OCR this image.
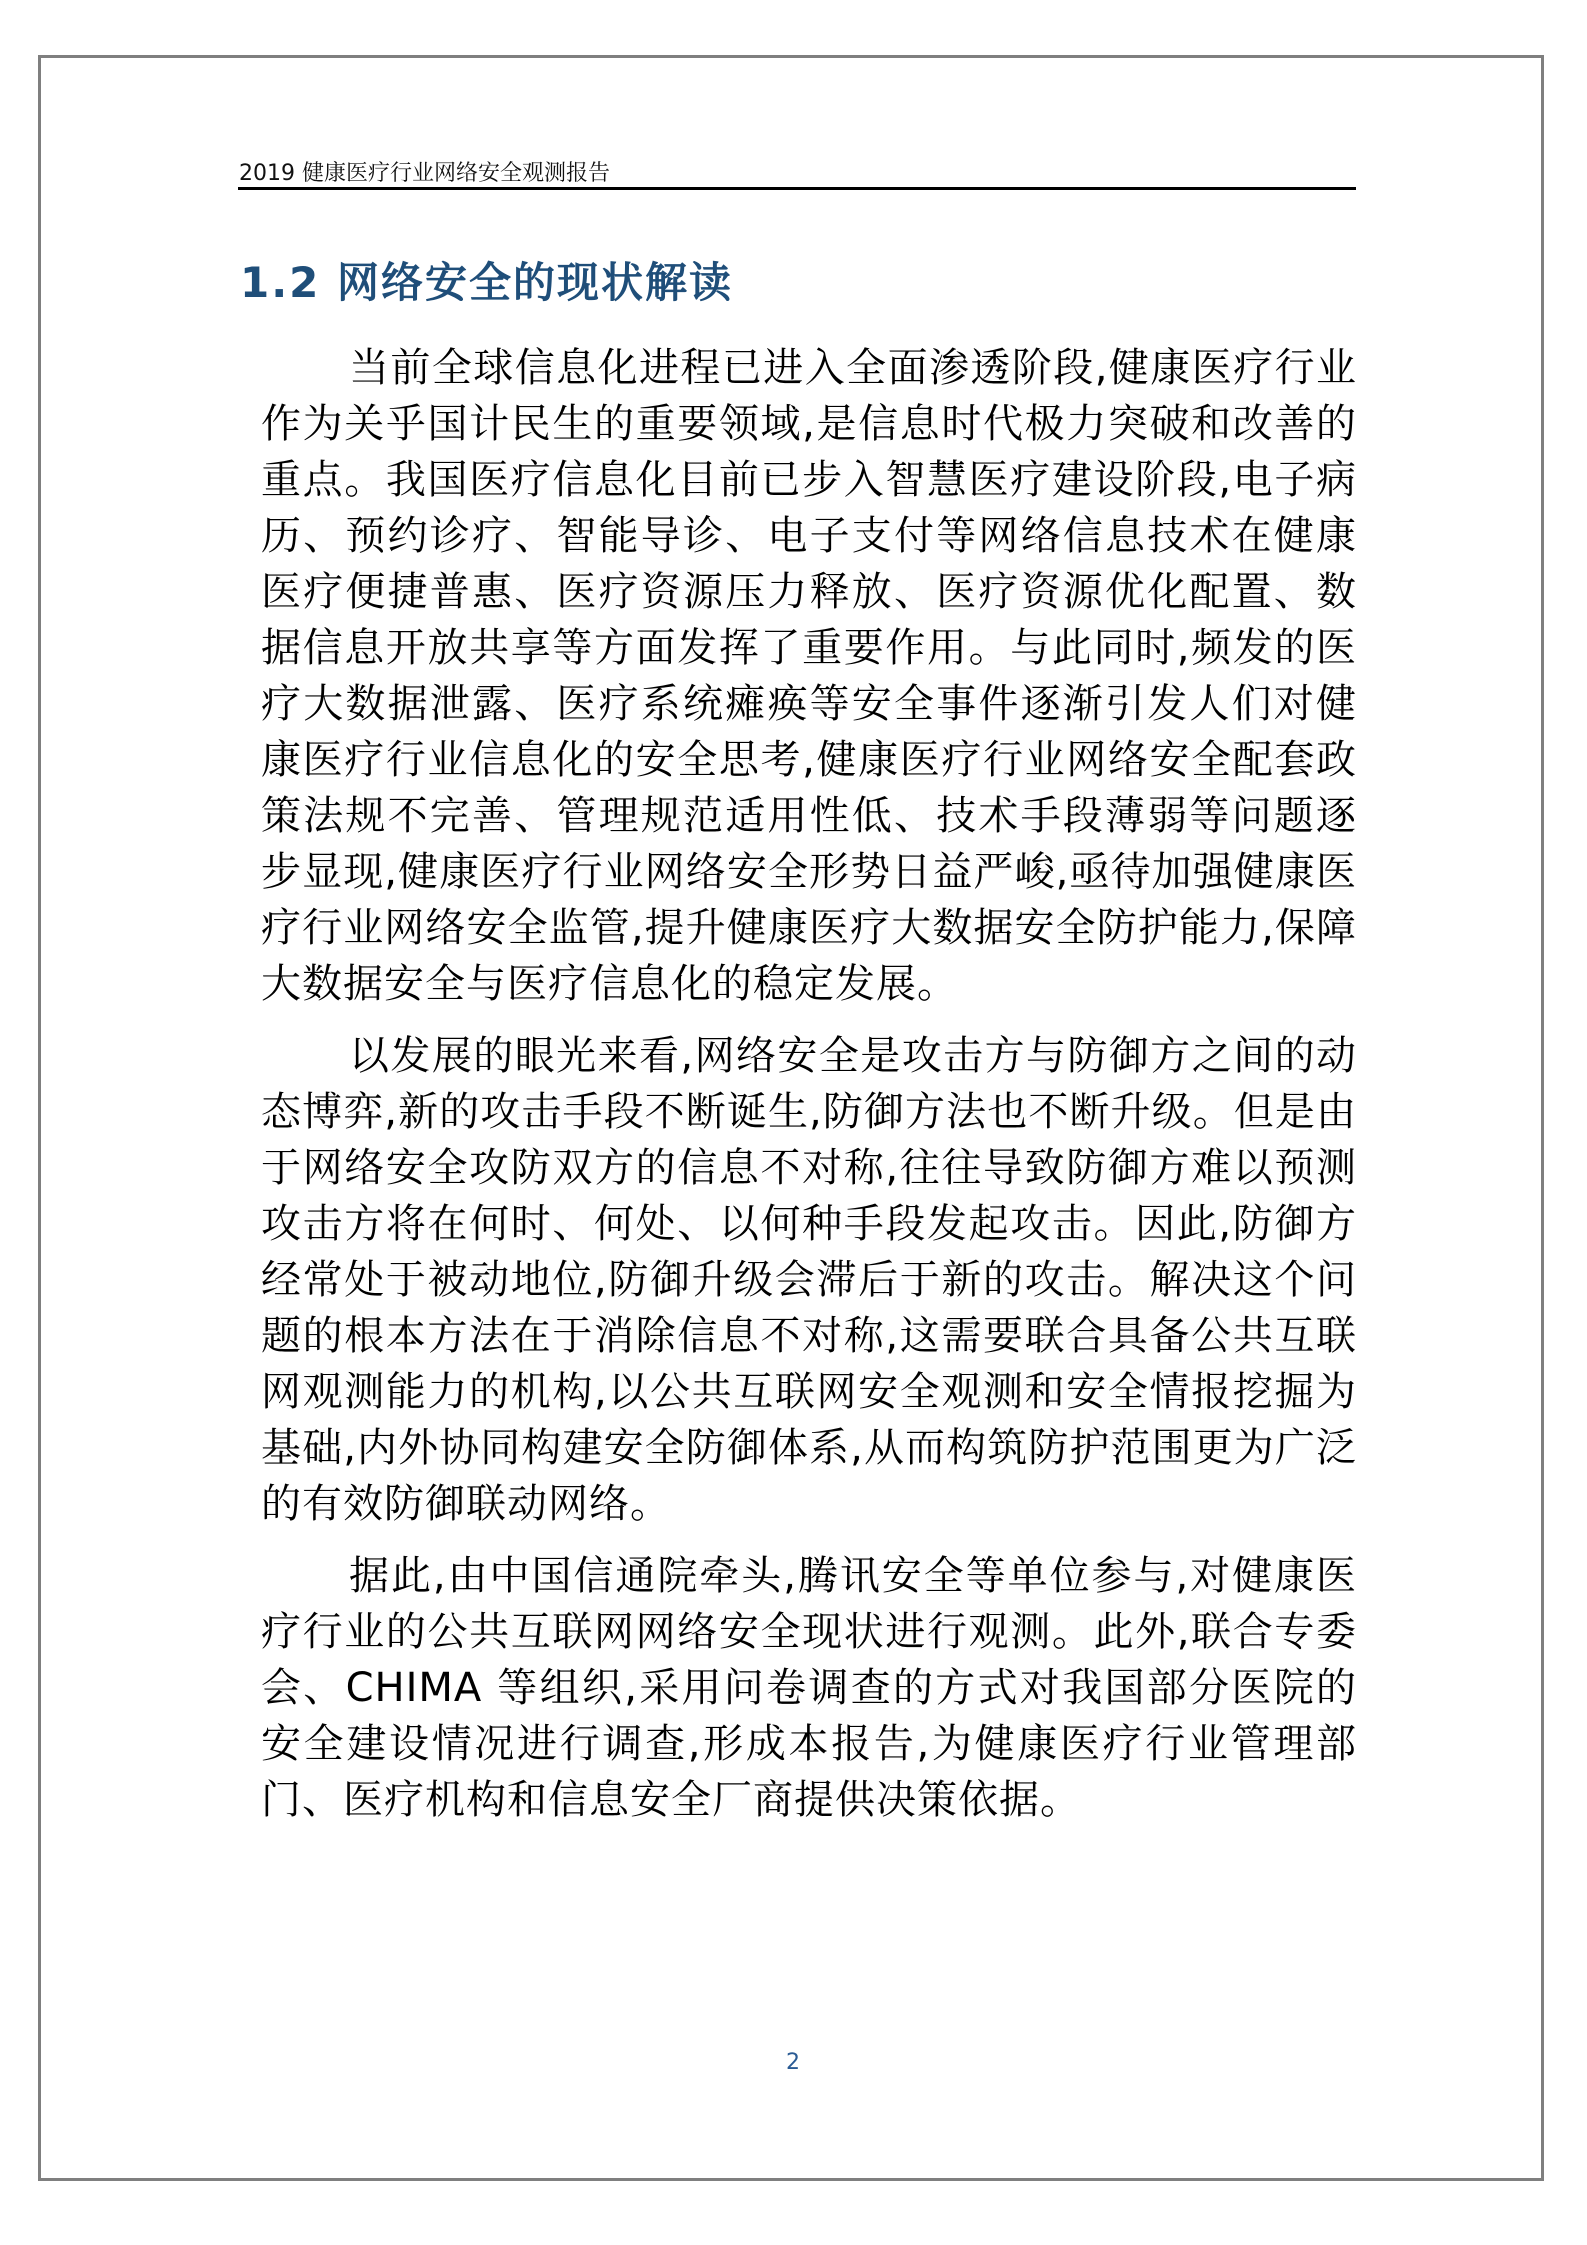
2019 健康医疗行业网络安全观测报告
1.2 网络安全的现状解读

当前全球信息化进程已进入全面渗透阶段,健康医疗行业作为关乎国计民生的重要领域,是信息时代极力突破和改善的重点。我国医疗信息化目前已步入智慧医疗建设阶段,电子病历、预约诊疗、智能导诊、电子支付等网络信息技术在健康医疗便捷普惠、医疗资源压力释放、医疗资源优化配置、数据信息开放共享等方面发挥了重要作用。与此同时,频发的医疗大数据泄露、医疗系统瘫痪等安全事件逐渐引发人们对健康医疗行业信息化的安全思考,健康医疗行业网络安全配套政策法规不完善、管理规范适用性低、技术手段薄弱等问题逐步显现,健康医疗行业网络安全形势日益严峻,亟待加强健康医疗行业网络安全监管,提升健康医疗大数据安全防护能力,保障大数据安全与医疗信息化的稳定发展。

以发展的眼光来看,网络安全是攻击方与防御方之间的动态博弈,新的攻击手段不断诞生,防御方法也不断升级。但是由于网络安全攻防双方的信息不对称,往往导致防御方难以预测攻击方将在何时、何处、以何种手段发起攻击。因此,防御方经常处于被动地位,防御升级会滞后于新的攻击。解决这个问题的根本方法在于消除信息不对称,这需要联合具备公共互联网观测能力的机构,以公共互联网安全观测和安全情报挖掘为基础,内外协同构建安全防御体系,从而构筑防护范围更为广泛的有效防御联动网络。

据此,由中国信通院牵头,腾讯安全等单位参与,对健康医疗行业的公共互联网网络安全现状进行观测。此外,联合专委会、CHIMA 等组织,采用问卷调查的方式对我国部分医院的安全建设情况进行调查,形成本报告,为健康医疗行业管理部门、医疗机构和信息安全厂商提供决策依据。

2
